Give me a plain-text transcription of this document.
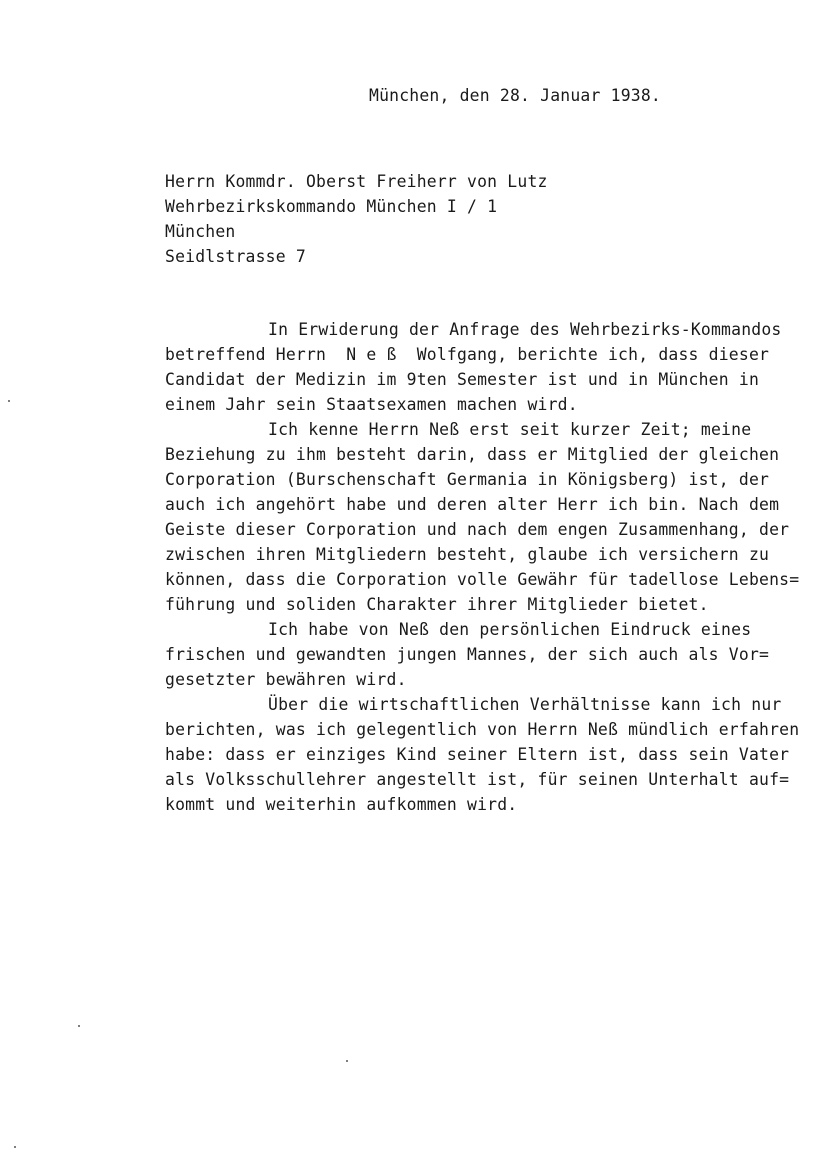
München, den 28. Januar 1938.

Herrn Kommdr. Oberst Freiherr von Lutz

Wehrbezirkskommando München I / 1

München

Seidlstrasse 7

In Erwiderung der Anfrage des Wehrbezirks-Kommandos

betreffend Herrn  N e ß  Wolfgang, berichte ich, dass dieser

Candidat der Medizin im 9ten Semester ist und in München in

einem Jahr sein Staatsexamen machen wird.

Ich kenne Herrn Neß erst seit kurzer Zeit; meine

Beziehung zu ihm besteht darin, dass er Mitglied der gleichen

Corporation (Burschenschaft Germania in Königsberg) ist, der

auch ich angehört habe und deren alter Herr ich bin. Nach dem

Geiste dieser Corporation und nach dem engen Zusammenhang, der

zwischen ihren Mitgliedern besteht, glaube ich versichern zu

können, dass die Corporation volle Gewähr für tadellose Lebens=

führung und soliden Charakter ihrer Mitglieder bietet.

Ich habe von Neß den persönlichen Eindruck eines

frischen und gewandten jungen Mannes, der sich auch als Vor=

gesetzter bewähren wird.

Über die wirtschaftlichen Verhältnisse kann ich nur

berichten, was ich gelegentlich von Herrn Neß mündlich erfahren

habe: dass er einziges Kind seiner Eltern ist, dass sein Vater

als Volksschullehrer angestellt ist, für seinen Unterhalt auf=

kommt und weiterhin aufkommen wird.
